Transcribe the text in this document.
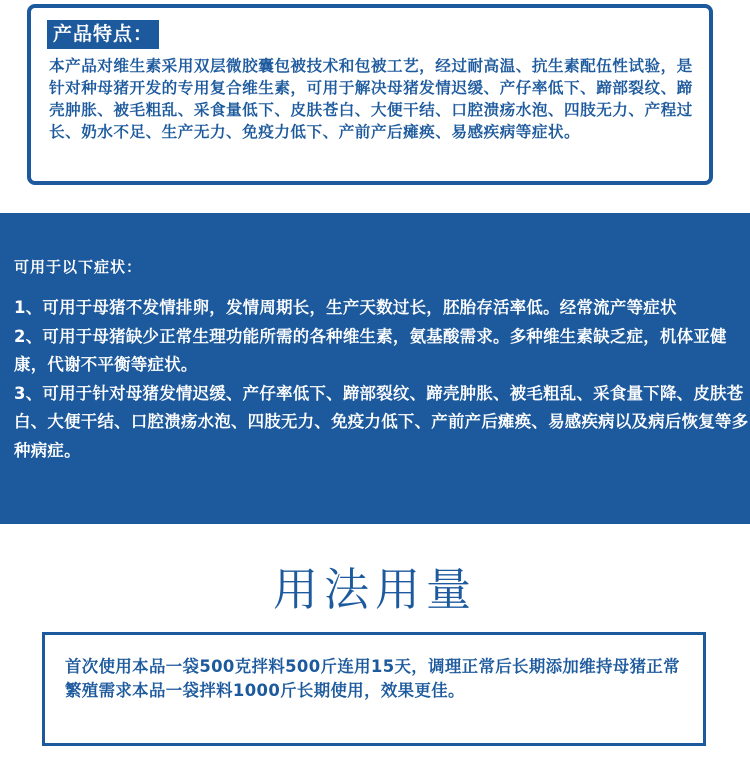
产品特点：

本产品对维生素采用双层微胶囊包被技术和包被工艺，经过耐高温、抗生素配伍性试验，是针对种母猪开发的专用复合维生素，可用于解决母猪发情迟缓、产仔率低下、蹄部裂纹、蹄壳肿胀、被毛粗乱、采食量低下、皮肤苍白、大便干结、口腔溃疡水泡、四肢无力、产程过长、奶水不足、生产无力、免疫力低下、产前产后瘫痪、易感疾病等症状。

可用于以下症状：

1、可用于母猪不发情排卵，发情周期长，生产天数过长，胚胎存活率低。经常流产等症状

2、可用于母猪缺少正常生理功能所需的各种维生素，氨基酸需求。多种维生素缺乏症，机体亚健康，代谢不平衡等症状。

3、可用于针对母猪发情迟缓、产仔率低下、蹄部裂纹、蹄壳肿胀、被毛粗乱、采食量下降、皮肤苍白、大便干结、口腔溃疡水泡、四肢无力、免疫力低下、产前产后瘫痪、易感疾病以及病后恢复等多种病症。

用法用量

首次使用本品一袋500克拌料500斤连用15天，调理正常后长期添加维持母猪正常繁殖需求本品一袋拌料1000斤长期使用，效果更佳。
